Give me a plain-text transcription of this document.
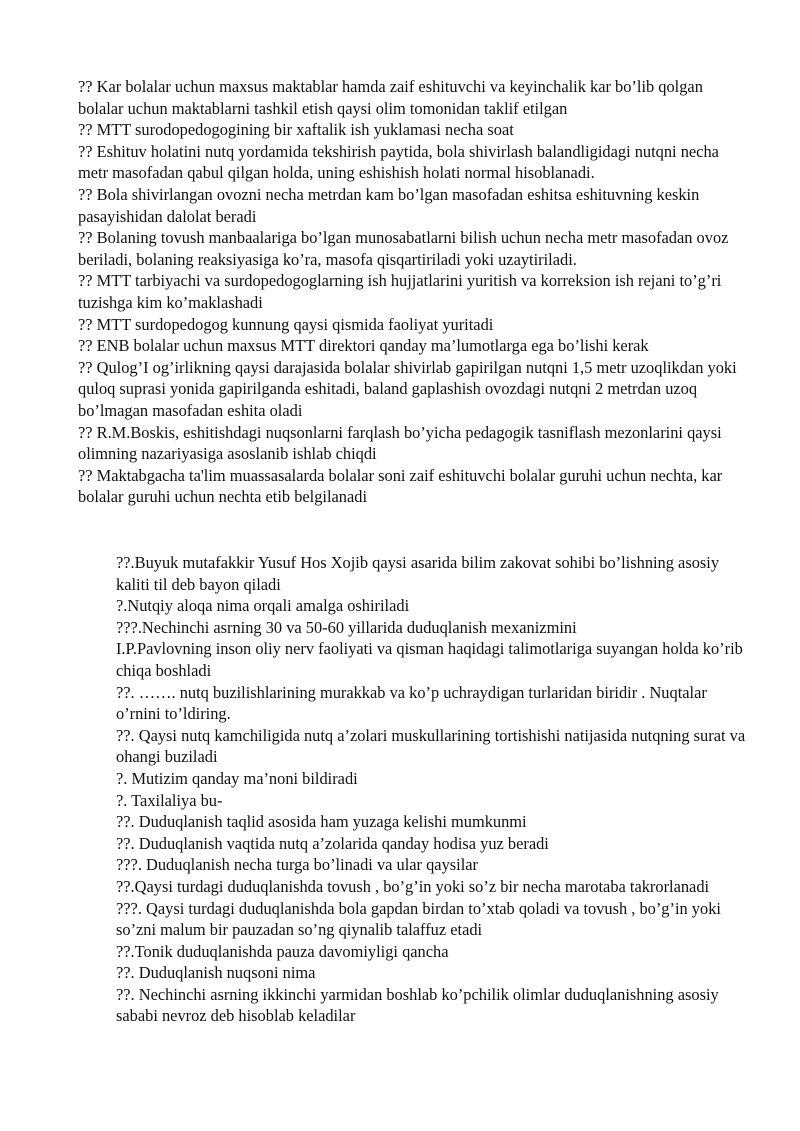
?? Kar bolalar uchun maxsus maktablar hamda zaif eshituvchi va keyinchalik kar bo’lib qolgan bolalar uchun maktablarni tashkil etish qaysi olim tomonidan taklif etilgan

?? MTT surodopedogogining bir xaftalik ish yuklamasi necha soat

?? Eshituv holatini nutq yordamida tekshirish paytida, bola shivirlash balandligidagi nutqni necha metr masofadan qabul qilgan holda, uning eshishish holati normal hisoblanadi.

?? Bola shivirlangan ovozni necha metrdan kam bo’lgan masofadan eshitsa eshituvning keskin pasayishidan dalolat beradi

?? Bolaning tovush manbaalariga bo’lgan munosabatlarni bilish uchun necha metr masofadan ovoz beriladi, bolaning reaksiyasiga ko’ra, masofa qisqartiriladi yoki uzaytiriladi.

?? MTT tarbiyachi va surdopedogoglarning ish hujjatlarini yuritish va korreksion ish rejani to’g’ri tuzishga kim ko’maklashadi

?? MTT surdopedogog kunnung qaysi qismida faoliyat yuritadi

?? ENB bolalar uchun maxsus MTT direktori qanday ma’lumotlarga ega bo’lishi kerak

?? Qulog’I og’irlikning qaysi darajasida bolalar shivirlab gapirilgan nutqni 1,5 metr uzoqlikdan yoki quloq suprasi yonida gapirilganda eshitadi, baland gaplashish ovozdagi nutqni 2 metrdan uzoq bo’lmagan masofadan eshita oladi

?? R.M.Boskis, eshitishdagi nuqsonlarni farqlash bo’yicha pedagogik tasniflash mezonlarini qaysi olimning nazariyasiga asoslanib ishlab chiqdi

?? Maktabgacha ta'lim muassasalarda bolalar soni zaif eshituvchi bolalar guruhi uchun nechta, kar bolalar guruhi uchun nechta etib belgilanadi

??.Buyuk mutafakkir Yusuf Hos Xojib qaysi asarida bilim zakovat sohibi bo’lishning asosiy kaliti til deb bayon qiladi

?.Nutqiy aloqa nima orqali amalga oshiriladi

???.Nechinchi asrning 30 va 50-60 yillarida duduqlanish mexanizmini

I.P.Pavlovning inson oliy nerv faoliyati va qisman haqidagi talimotlariga suyangan holda ko’rib chiqa boshladi

??. ……. nutq buzilishlarining murakkab va ko’p uchraydigan turlaridan biridir . Nuqtalar o’rnini to’ldiring.

??. Qaysi nutq kamchiligida nutq a’zolari muskullarining tortishishi natijasida nutqning surat va ohangi buziladi

?. Mutizim qanday ma’noni bildiradi

?. Taxilaliya bu-

??. Duduqlanish taqlid asosida ham yuzaga kelishi mumkunmi

??. Duduqlanish vaqtida nutq a’zolarida qanday hodisa yuz beradi

???. Duduqlanish necha turga bo’linadi va ular qaysilar

??.Qaysi turdagi duduqlanishda tovush , bo’g’in yoki so’z bir necha marotaba takrorlanadi

???. Qaysi turdagi duduqlanishda bola gapdan birdan to’xtab qoladi va tovush , bo’g’in yoki so’zni malum bir pauzadan so’ng qiynalib talaffuz etadi

??.Tonik duduqlanishda pauza davomiyligi qancha

??. Duduqlanish nuqsoni nima

??. Nechinchi asrning ikkinchi yarmidan boshlab ko’pchilik olimlar duduqlanishning asosiy sababi nevroz deb hisoblab keladilar
